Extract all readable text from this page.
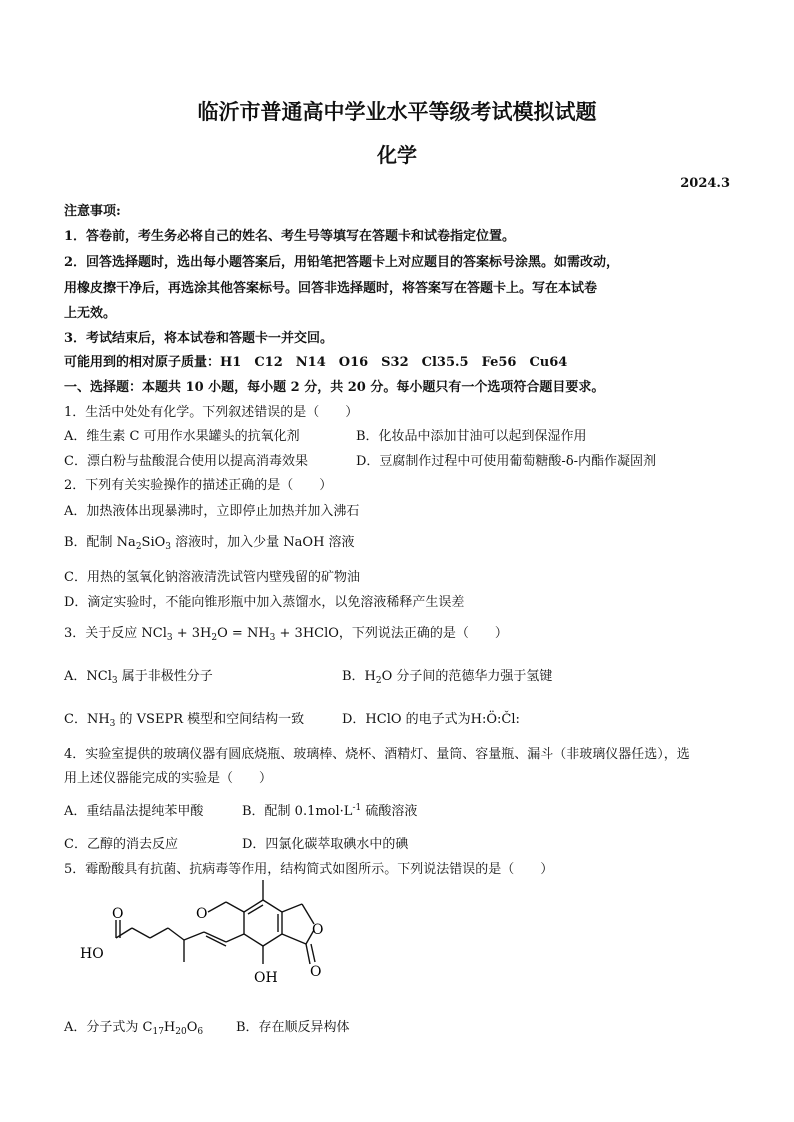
临沂市普通高中学业水平等级考试模拟试题
化学
2024.3
注意事项:
1．答卷前，考生务必将自己的姓名、考生号等填写在答题卡和试卷指定位置。
2．回答选择题时，选出每小题答案后，用铅笔把答题卡上对应题目的答案标号涂黑。如需改动，
用橡皮擦干净后，再选涂其他答案标号。回答非选择题时，将答案写在答题卡上。写在本试卷
上无效。
3．考试结束后，将本试卷和答题卡一并交回。
可能用到的相对原子质量：H1　C12　N14　O16　S32　Cl35.5　Fe56　Cu64
一、选择题：本题共 10 小题，每小题 2 分，共 20 分。每小题只有一个选项符合题目要求。
1．生活中处处有化学。下列叙述错误的是（　　）
A．维生素 C 可用作水果罐头的抗氧化剂	B．化妆品中添加甘油可以起到保湿作用
C．漂白粉与盐酸混合使用以提高消毒效果	D．豆腐制作过程中可使用葡萄糖酸-δ-内酯作凝固剂
2．下列有关实验操作的描述正确的是（　　）
A．加热液体出现暴沸时，立即停止加热并加入沸石
B．配制 $Na_2SiO_3$ 溶液时，加入少量 NaOH 溶液
C．用热的氢氧化钠溶液清洗试管内壁残留的矿物油
D．滴定实验时，不能向锥形瓶中加入蒸馏水，以免溶液稀释产生误差
3．关于反应 $NCl_3 + 3H_2O = NH_3$ + 3HClO，下列说法正确的是（　　）
A．NCl$_3$ 属于非极性分子	B．$H_2O$ 分子间的范德华力强于氢键
C．$NH_3$ 的 VSEPR 模型和空间结构一致	D．HClO 的电子式为H:Ö:Čl:
4．实验室提供的玻璃仪器有圆底烧瓶、玻璃棒、烧杯、酒精灯、量筒、容量瓶、漏斗（非玻璃仪器任选），选
用上述仪器能完成的实验是（　　）
A．重结晶法提纯苯甲酸	B．配制 $0.1mol\cdot L^{-1}$ 硫酸溶液
C．乙醇的消去反应	D．四氯化碳萃取碘水中的碘
5．霉酚酸具有抗菌、抗病毒等作用，结构简式如图所示。下列说法错误的是（　　）
HO
O	O
O
O
OH
A．分子式为 $C_{17}H_{20}O_6$	B．存在顺反异构体
